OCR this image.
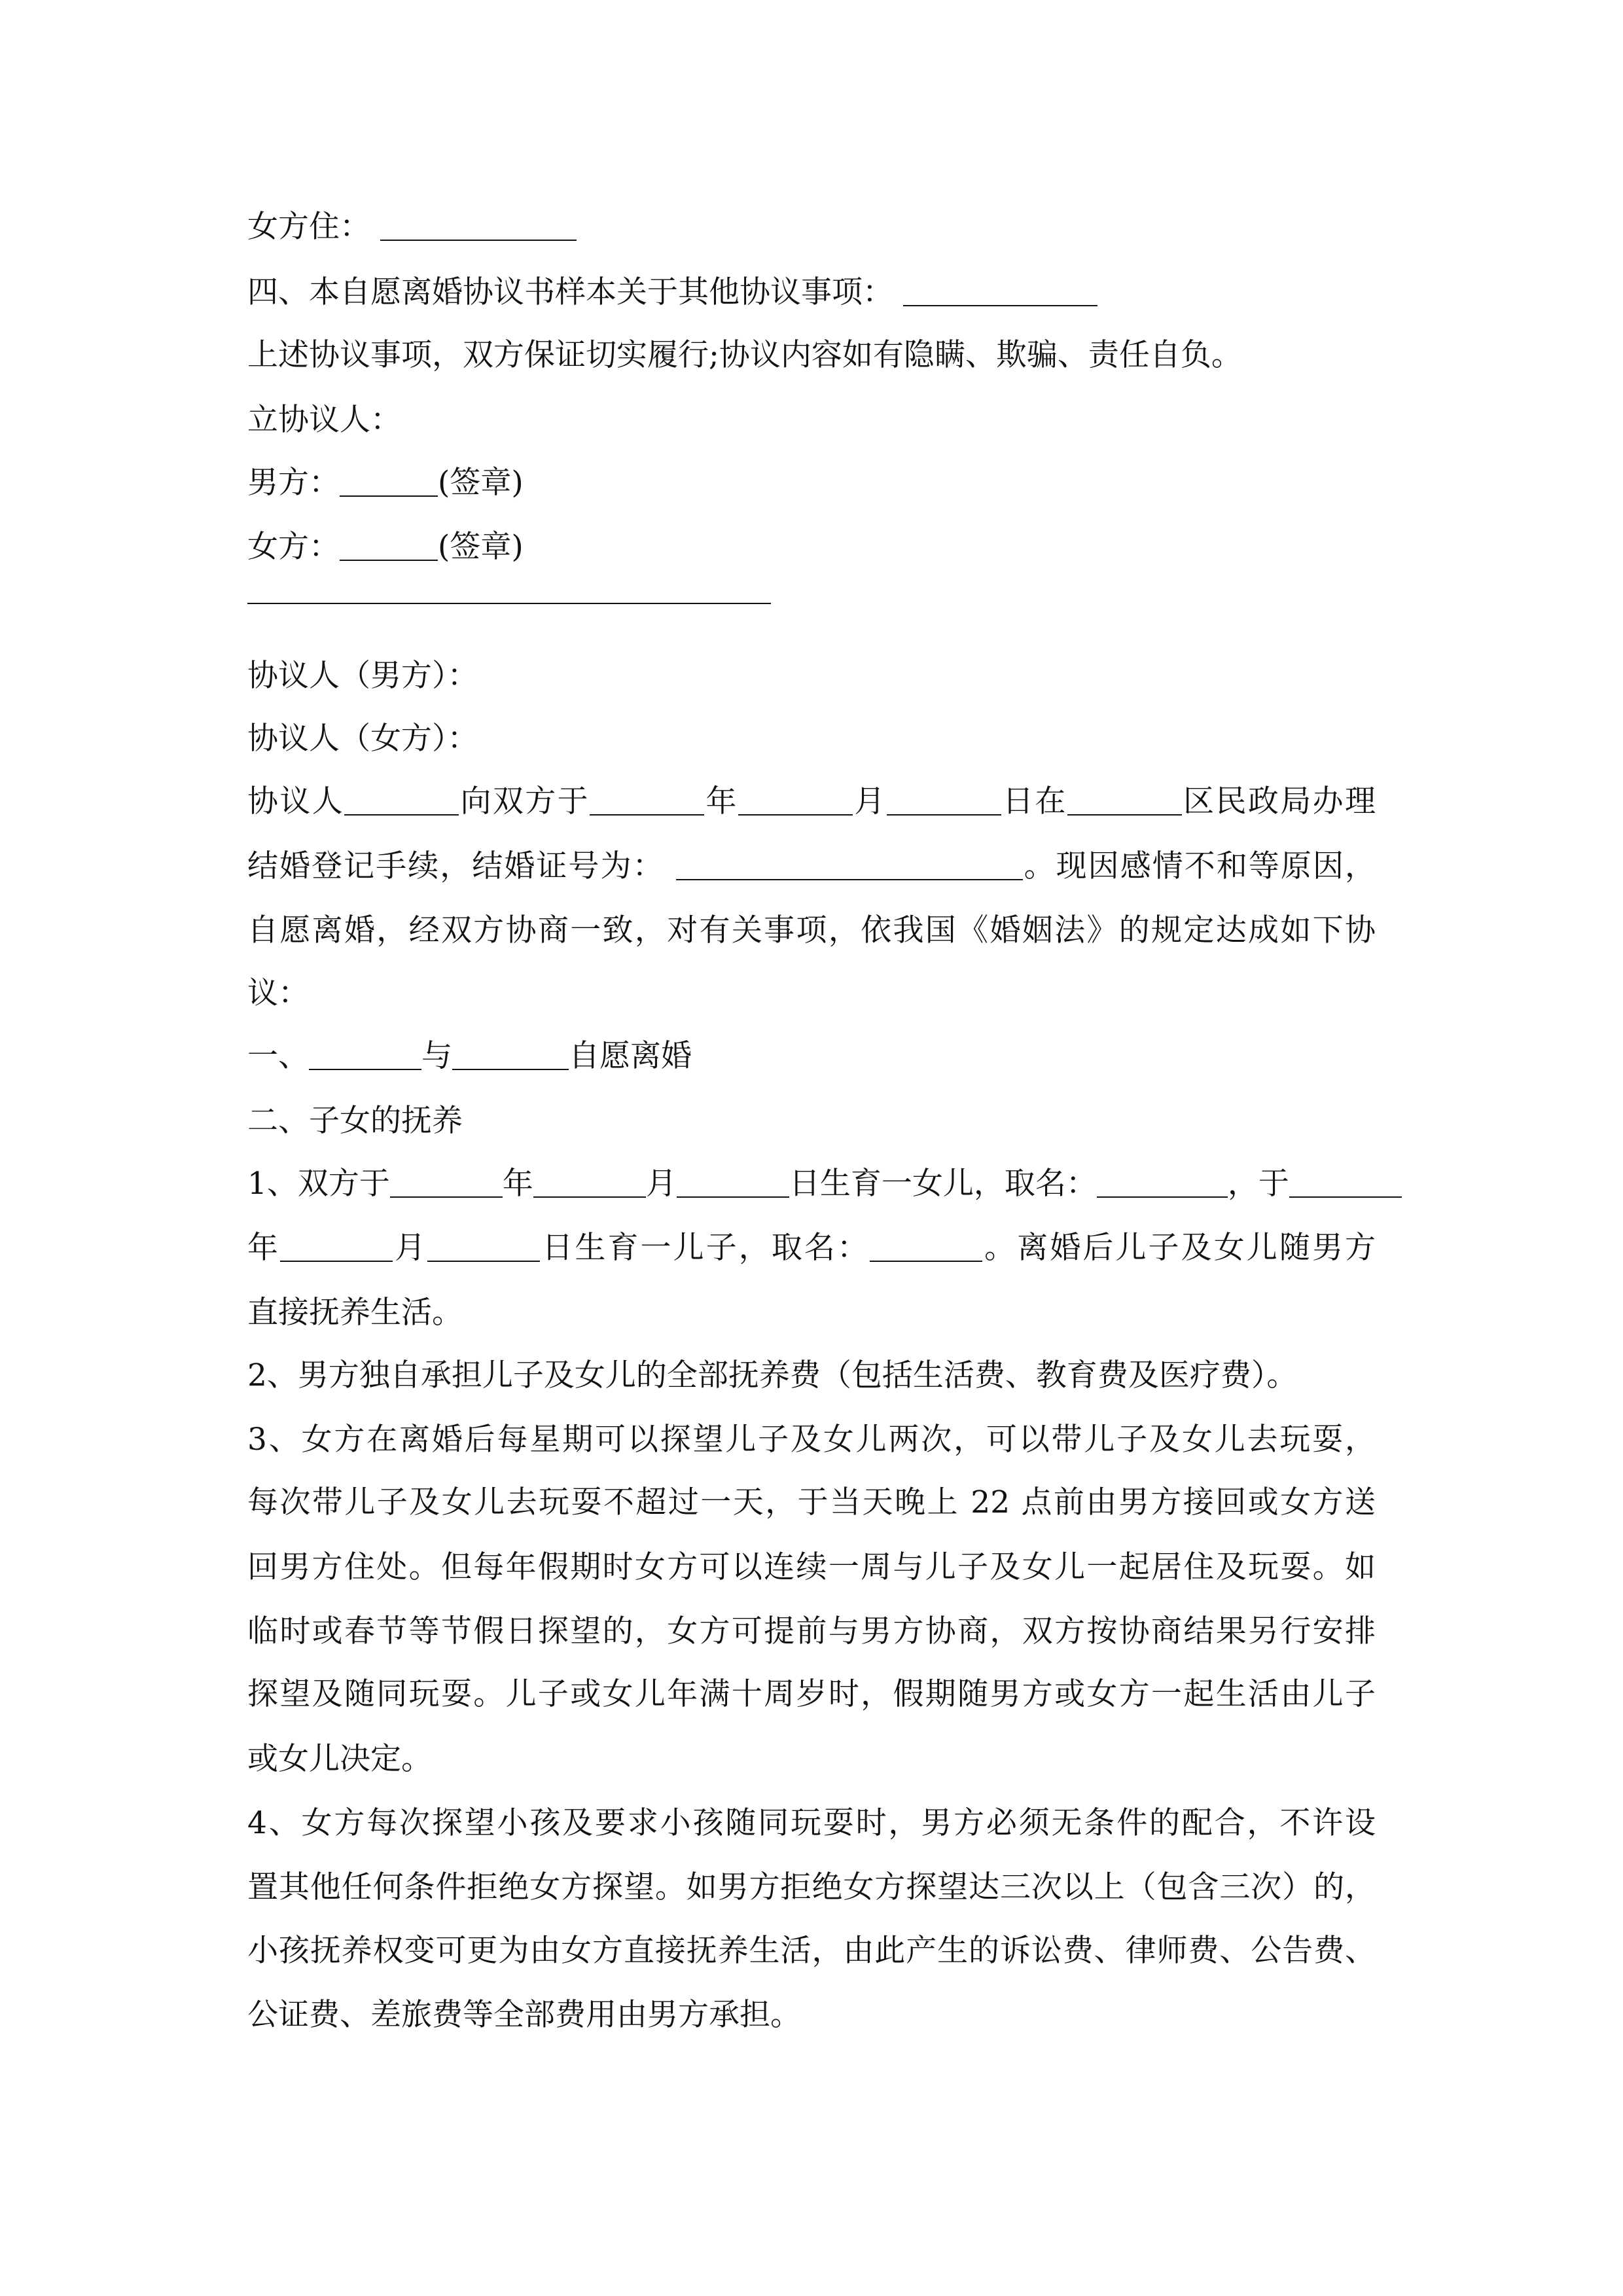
女方住：
四、本自愿离婚协议书样本关于其他协议事项：
上述协议事项，双方保证切实履行;协议内容如有隐瞒、欺骗、责任自负。
立协议人：
男方：	(签章)
女方：	(签章)
协议人（男方）：
协议人（女方）：
协议人	向双方于	年	月	日在	区民政局办理
结婚登记手续，结婚证号为：	。现因感情不和等原因，
自愿离婚，经双方协商一致，对有关事项，依我国《婚姻法》的规定达成如下协
议：
一、	与	自愿离婚
二、子女的抚养
1、双方于	年	月	日生育一女儿，取名：	，于
年	月	日生育一儿子，取名：	。离婚后儿子及女儿随男方
直接抚养生活。
2、男方独自承担儿子及女儿的全部抚养费（包括生活费、教育费及医疗费）。
3、女方在离婚后每星期可以探望儿子及女儿两次，可以带儿子及女儿去玩耍，
每次带儿子及女儿去玩耍不超过一天，于当天晚上 22 点前由男方接回或女方送
回男方住处。但每年假期时女方可以连续一周与儿子及女儿一起居住及玩耍。如
临时或春节等节假日探望的，女方可提前与男方协商，双方按协商结果另行安排
探望及随同玩耍。儿子或女儿年满十周岁时，假期随男方或女方一起生活由儿子
或女儿决定。
4、女方每次探望小孩及要求小孩随同玩耍时，男方必须无条件的配合，不许设
置其他任何条件拒绝女方探望。如男方拒绝女方探望达三次以上（包含三次）的，
小孩抚养权变可更为由女方直接抚养生活，由此产生的诉讼费、律师费、公告费、
公证费、差旅费等全部费用由男方承担。
